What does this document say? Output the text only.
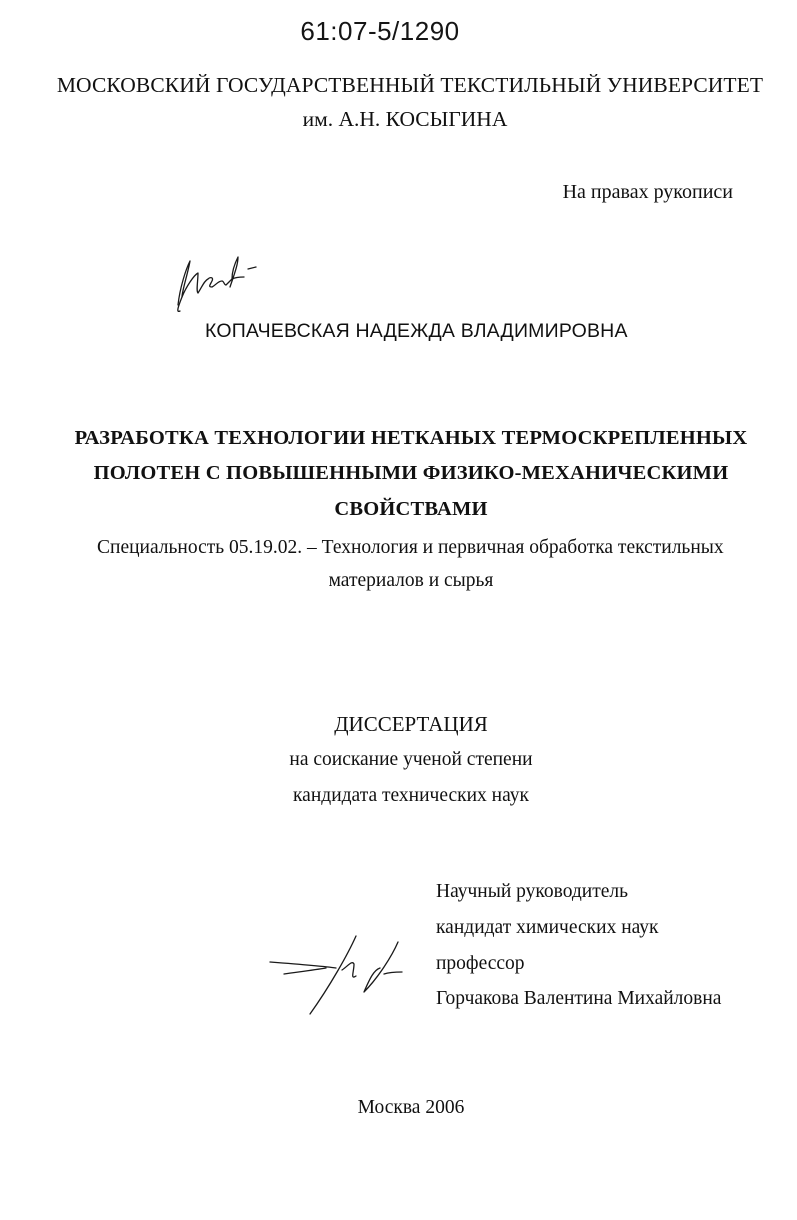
61:07-5/1290
МОСКОВСКИЙ ГОСУДАРСТВЕННЫЙ ТЕКСТИЛЬНЫЙ УНИВЕРСИТЕТ
им. А.Н. КОСЫГИНА
На правах рукописи
КОПАЧЕВСКАЯ НАДЕЖДА ВЛАДИМИРОВНА
РАЗРАБОТКА ТЕХНОЛОГИИ НЕТКАНЫХ ТЕРМОСКРЕПЛЕННЫХ
ПОЛОТЕН С ПОВЫШЕННЫМИ ФИЗИКО-МЕХАНИЧЕСКИМИ
СВОЙСТВАМИ
Специальность 05.19.02. – Технология и первичная обработка текстильных
материалов и сырья
ДИССЕРТАЦИЯ
на соискание ученой степени
кандидата технических наук
Научный руководитель
кандидат химических наук
профессор
Горчакова Валентина Михайловна
Москва 2006
